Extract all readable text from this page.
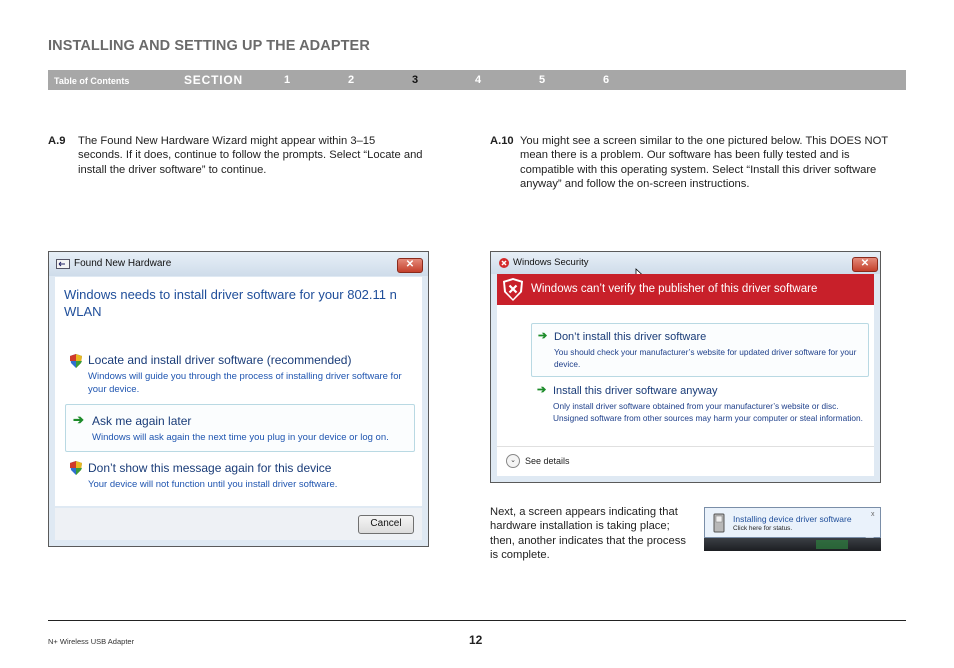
INSTALLING AND SETTING UP THE ADAPTER
Table of Contents	SECTION	1	2	3	4	5	6
A.9 The Found New Hardware Wizard might appear within 3–15 seconds. If it does, continue to follow the prompts. Select “Locate and install the driver software” to continue.
A.10 You might see a screen similar to the one pictured below. This DOES NOT mean there is a problem. Our software has been fully tested and is compatible with this operating system. Select “Install this driver software anyway” and follow the on-screen instructions.
Found New Hardware	✕
Windows needs to install driver software for your 802.11 n WLAN
Locate and install driver software (recommended)
Windows will guide you through the process of installing driver software for your device.
➔ Ask me again later
Windows will ask again the next time you plug in your device or log on.
Don’t show this message again for this device
Your device will not function until you install driver software.
Cancel
Windows Security	✕
Windows can’t verify the publisher of this driver software
➔ Don’t install this driver software
You should check your manufacturer’s website for updated driver software for your device.
➔ Install this driver software anyway
Only install driver software obtained from your manufacturer’s website or disc. Unsigned software from other sources may harm your computer or steal information.
⌄	See details
Next, a screen appears indicating that hardware installation is taking place; then, another indicates that the process is complete.
Installing device driver software
Click here for status.
x
N+ Wireless USB Adapter	12
